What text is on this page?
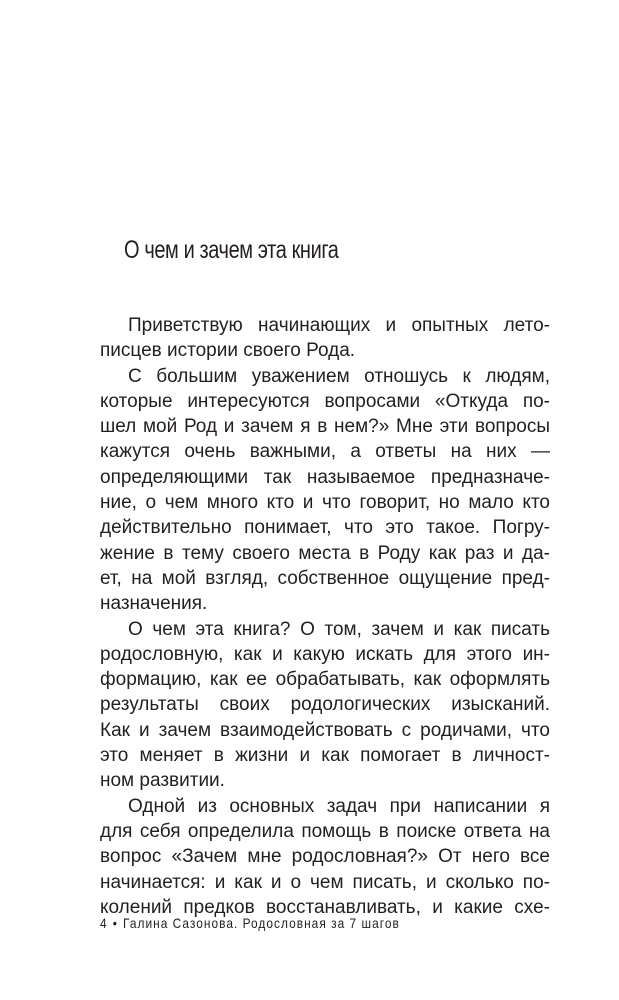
О чем и зачем эта книга
Приветствую начинающих и опытных лето-
писцев истории своего Рода.
С большим уважением отношусь к людям,
которые интересуются вопросами «Откуда по-
шел мой Род и зачем я в нем?» Мне эти вопросы
кажутся очень важными, а ответы на них —
определяющими так называемое предназначе-
ние, о чем много кто и что говорит, но мало кто
действительно понимает, что это такое. Погру-
жение в тему своего места в Роду как раз и да-
ет, на мой взгляд, собственное ощущение пред-
назначения.
О чем эта книга? О том, зачем и как писать
родословную, как и какую искать для этого ин-
формацию, как ее обрабатывать, как оформлять
результаты своих родологических изысканий.
Как и зачем взаимодействовать с родичами, что
это меняет в жизни и как помогает в личност-
ном развитии.
Одной из основных задач при написании я
для себя определила помощь в поиске ответа на
вопрос «Зачем мне родословная?» От него все
начинается: и как и о чем писать, и сколько по-
колений предков восстанавливать, и какие схе-
4 • Галина Сазонова. Родословная за 7 шагов
